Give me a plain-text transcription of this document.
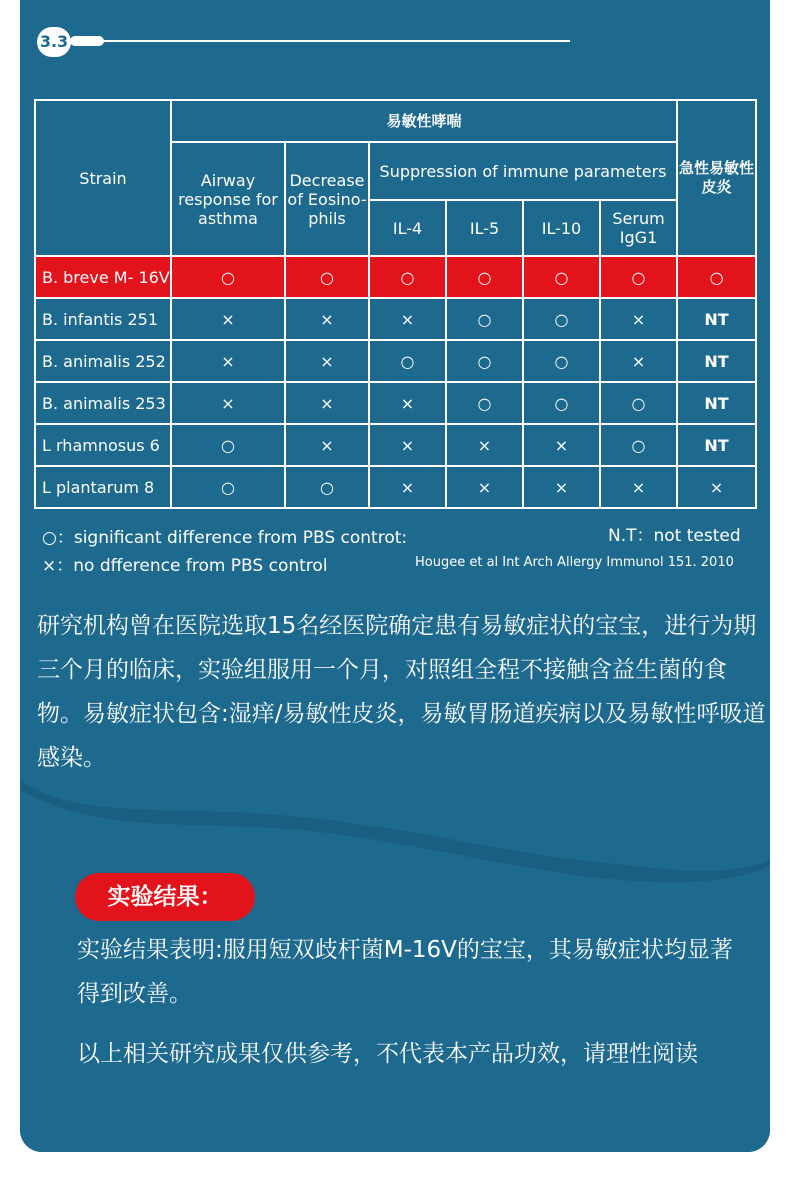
3.3
Strain	易敏性哮喘						急性易敏性皮炎
	Airway response for asthma	Decrease of Eosino-phils	Suppression of immune parameters				
			IL-4	IL-5	IL-10	Serum IgG1	
B. breve M- 16V	○	○	○	○	○	○	○
B. infantis 251	×	×	×	○	○	×	NT
B. animalis 252	×	×	○	○	○	×	NT
B. animalis 253	×	×	×	○	○	○	NT
L rhamnosus 6	○	×	×	×	×	○	NT
L plantarum 8	○	○	×	×	×	×	×
○：significant difference from PBS controt:
×：no dfference from PBS control
N.T：not tested
Hougee et al Int Arch Allergy Immunol 151. 2010

研究机构曾在医院选取15名经医院确定患有易敏症状的宝宝，进行为期三个月的临床，实验组服用一个月，对照组全程不接触含益生菌的食物。易敏症状包含:湿痒/易敏性皮炎，易敏胃肠道疾病以及易敏性呼吸道感染。

实验结果：

实验结果表明:服用短双歧杆菌M-16V的宝宝，其易敏症状均显著得到改善。

以上相关研究成果仅供参考，不代表本产品功效，请理性阅读
